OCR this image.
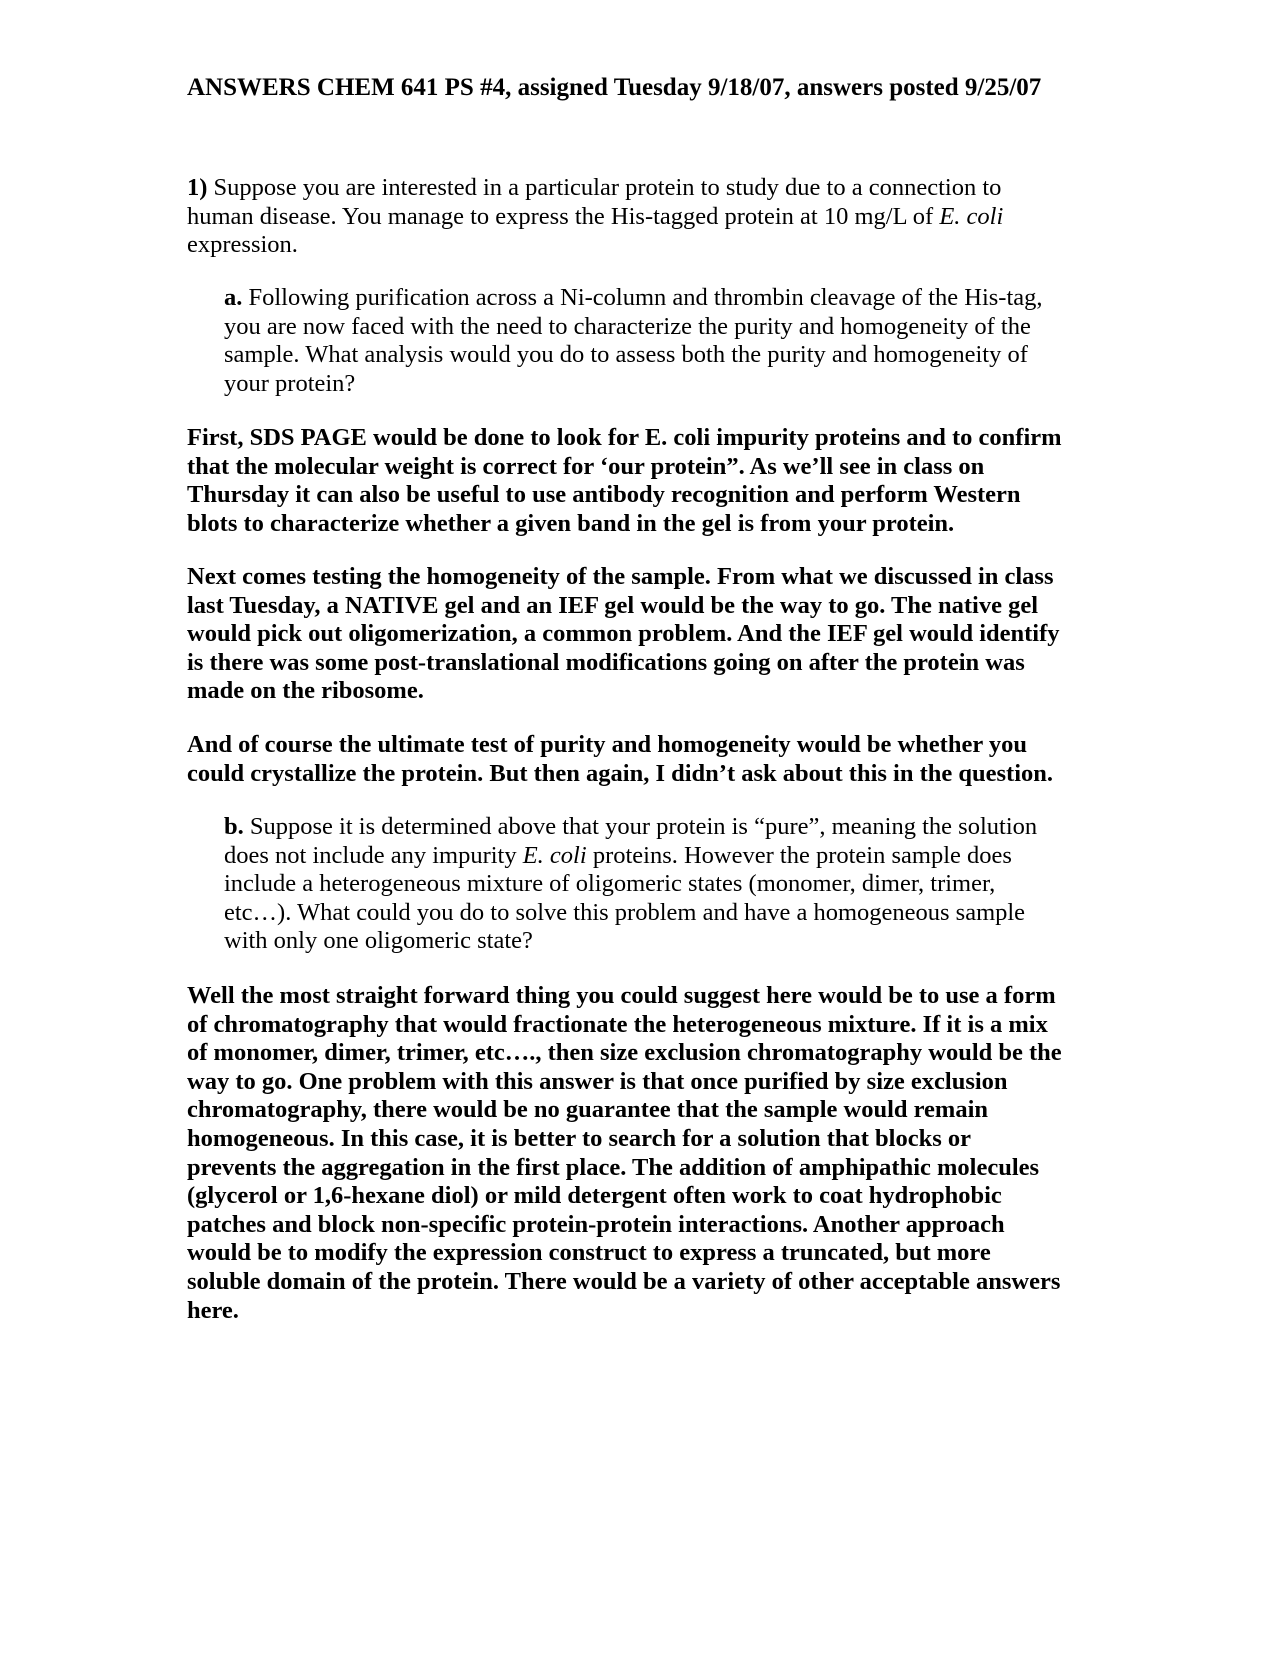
ANSWERS CHEM 641 PS #4, assigned Tuesday 9/18/07, answers posted 9/25/07
1) Suppose you are interested in a particular protein to study due to a connection to
human disease. You manage to express the His-tagged protein at 10 mg/L of E. coli
expression.
a. Following purification across a Ni-column and thrombin cleavage of the His-tag,
you are now faced with the need to characterize the purity and homogeneity of the
sample. What analysis would you do to assess both the purity and homogeneity of
your protein?
First, SDS PAGE would be done to look for E. coli impurity proteins and to confirm
that the molecular weight is correct for ‘our protein”. As we’ll see in class on
Thursday it can also be useful to use antibody recognition and perform Western
blots to characterize whether a given band in the gel is from your protein.
Next comes testing the homogeneity of the sample. From what we discussed in class
last Tuesday, a NATIVE gel and an IEF gel would be the way to go. The native gel
would pick out oligomerization, a common problem. And the IEF gel would identify
is there was some post-translational modifications going on after the protein was
made on the ribosome.
And of course the ultimate test of purity and homogeneity would be whether you
could crystallize the protein. But then again, I didn’t ask about this in the question.
b. Suppose it is determined above that your protein is “pure”, meaning the solution
does not include any impurity E. coli proteins. However the protein sample does
include a heterogeneous mixture of oligomeric states (monomer, dimer, trimer,
etc…). What could you do to solve this problem and have a homogeneous sample
with only one oligomeric state?
Well the most straight forward thing you could suggest here would be to use a form
of chromatography that would fractionate the heterogeneous mixture. If it is a mix
of monomer, dimer, trimer, etc…., then size exclusion chromatography would be the
way to go. One problem with this answer is that once purified by size exclusion
chromatography, there would be no guarantee that the sample would remain
homogeneous. In this case, it is better to search for a solution that blocks or
prevents the aggregation in the first place. The addition of amphipathic molecules
(glycerol or 1,6-hexane diol) or mild detergent often work to coat hydrophobic
patches and block non-specific protein-protein interactions. Another approach
would be to modify the expression construct to express a truncated, but more
soluble domain of the protein. There would be a variety of other acceptable answers
here.
